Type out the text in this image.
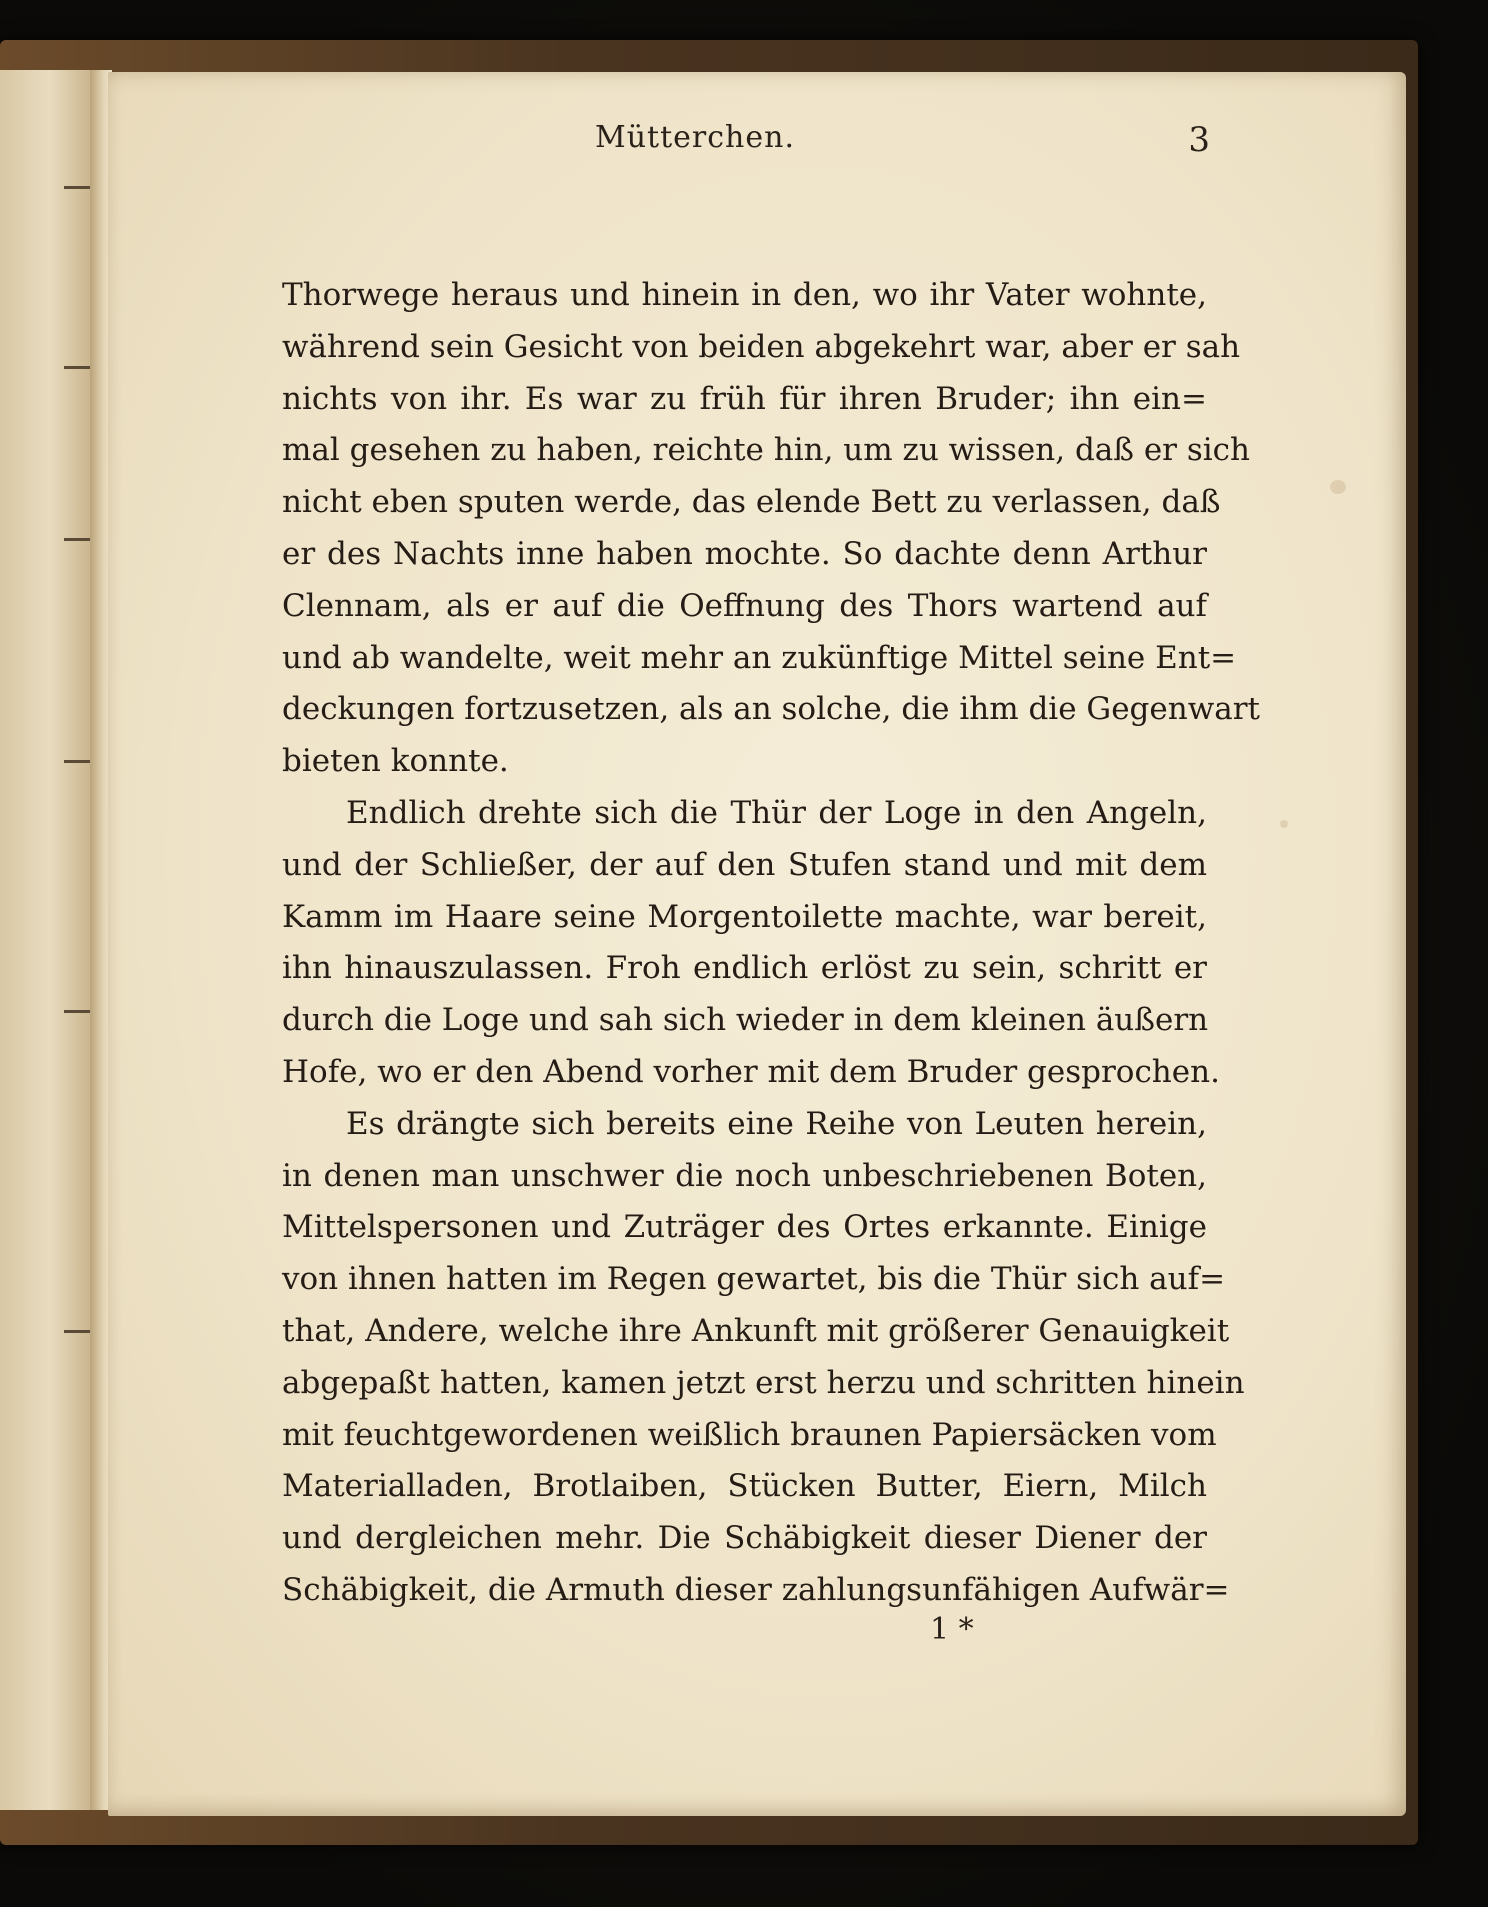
Mütterchen.	3
Thorwege heraus und hinein in den, wo ihr Vater wohnte,
während sein Gesicht von beiden abgekehrt war, aber er sah
nichts von ihr. Es war zu früh für ihren Bruder; ihn ein=
mal gesehen zu haben, reichte hin, um zu wissen, daß er sich
nicht eben sputen werde, das elende Bett zu verlassen, daß
er des Nachts inne haben mochte. So dachte denn Arthur
Clennam, als er auf die Oeffnung des Thors wartend auf
und ab wandelte, weit mehr an zukünftige Mittel seine Ent=
deckungen fortzusetzen, als an solche, die ihm die Gegenwart
bieten konnte.
Endlich drehte sich die Thür der Loge in den Angeln,
und der Schließer, der auf den Stufen stand und mit dem
Kamm im Haare seine Morgentoilette machte, war bereit,
ihn hinauszulassen. Froh endlich erlöst zu sein, schritt er
durch die Loge und sah sich wieder in dem kleinen äußern
Hofe, wo er den Abend vorher mit dem Bruder gesprochen.
Es drängte sich bereits eine Reihe von Leuten herein,
in denen man unschwer die noch unbeschriebenen Boten,
Mittelspersonen und Zuträger des Ortes erkannte. Einige
von ihnen hatten im Regen gewartet, bis die Thür sich auf=
that, Andere, welche ihre Ankunft mit größerer Genauigkeit
abgepaßt hatten, kamen jetzt erst herzu und schritten hinein
mit feuchtgewordenen weißlich braunen Papiersäcken vom
Materialladen, Brotlaiben, Stücken Butter, Eiern, Milch
und dergleichen mehr. Die Schäbigkeit dieser Diener der
Schäbigkeit, die Armuth dieser zahlungsunfähigen Aufwär=
1 *
